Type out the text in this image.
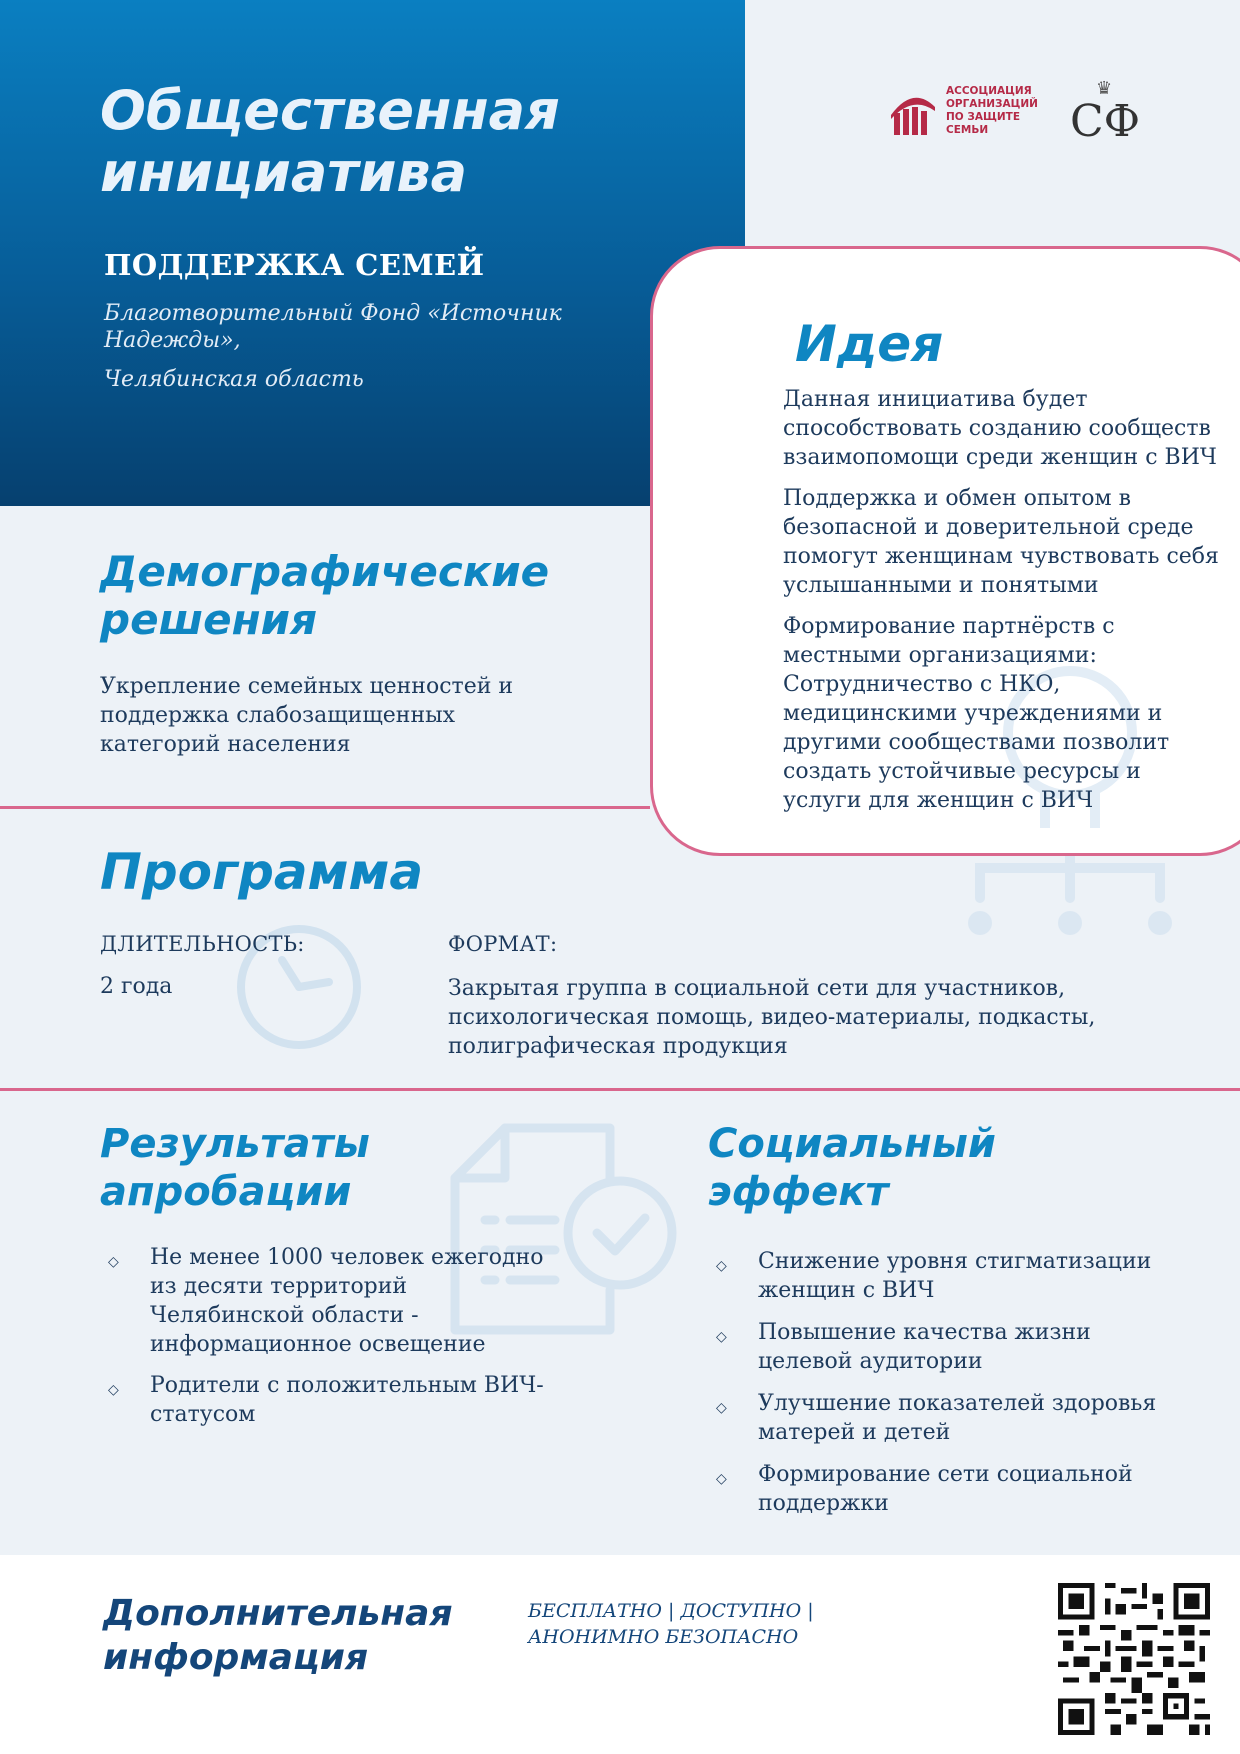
Общественная инициатива
ПОДДЕРЖКА СЕМЕЙ
Благотворительный Фонд «Источник Надежды»,
Челябинская область
АССОЦИАЦИЯ ОРГАНИЗАЦИЙ ПО ЗАЩИТЕ СЕМЬИ
♛
СФ
Идея

Данная инициатива будет способствовать созданию сообществ взаимопомощи среди женщин с ВИЧ

Поддержка и обмен опытом в безопасной и доверительной среде помогут женщинам чувствовать себя услышанными и понятыми

Формирование партнёрств с местными организациями: Сотрудничество с НКО, медицинскими учреждениями и другими сообществами позволит создать устойчивые ресурсы и услуги для женщин с ВИЧ

Демографические решения
Укрепление семейных ценностей и поддержка слабозащищенных категорий населения
Программа
ДЛИТЕЛЬНОСТЬ:
2 года
ФОРМАТ:
Закрытая группа в социальной сети для участников, психологическая помощь, видео-материалы, подкасты, полиграфическая продукция
Результаты апробации
◇ Не менее 1000 человек ежегодно из десяти территорий Челябинской области - информационное освещение
◇ Родители с положительным ВИЧ-статусом
Социальный эффект
◇ Снижение уровня стигматизации женщин с ВИЧ
◇ Повышение качества жизни целевой аудитории
◇ Улучшение показателей здоровья матерей и детей
◇ Формирование сети социальной поддержки
Дополнительная информация
БЕСПЛАТНО | ДОСТУПНО |
АНОНИМНО БЕЗОПАСНО
